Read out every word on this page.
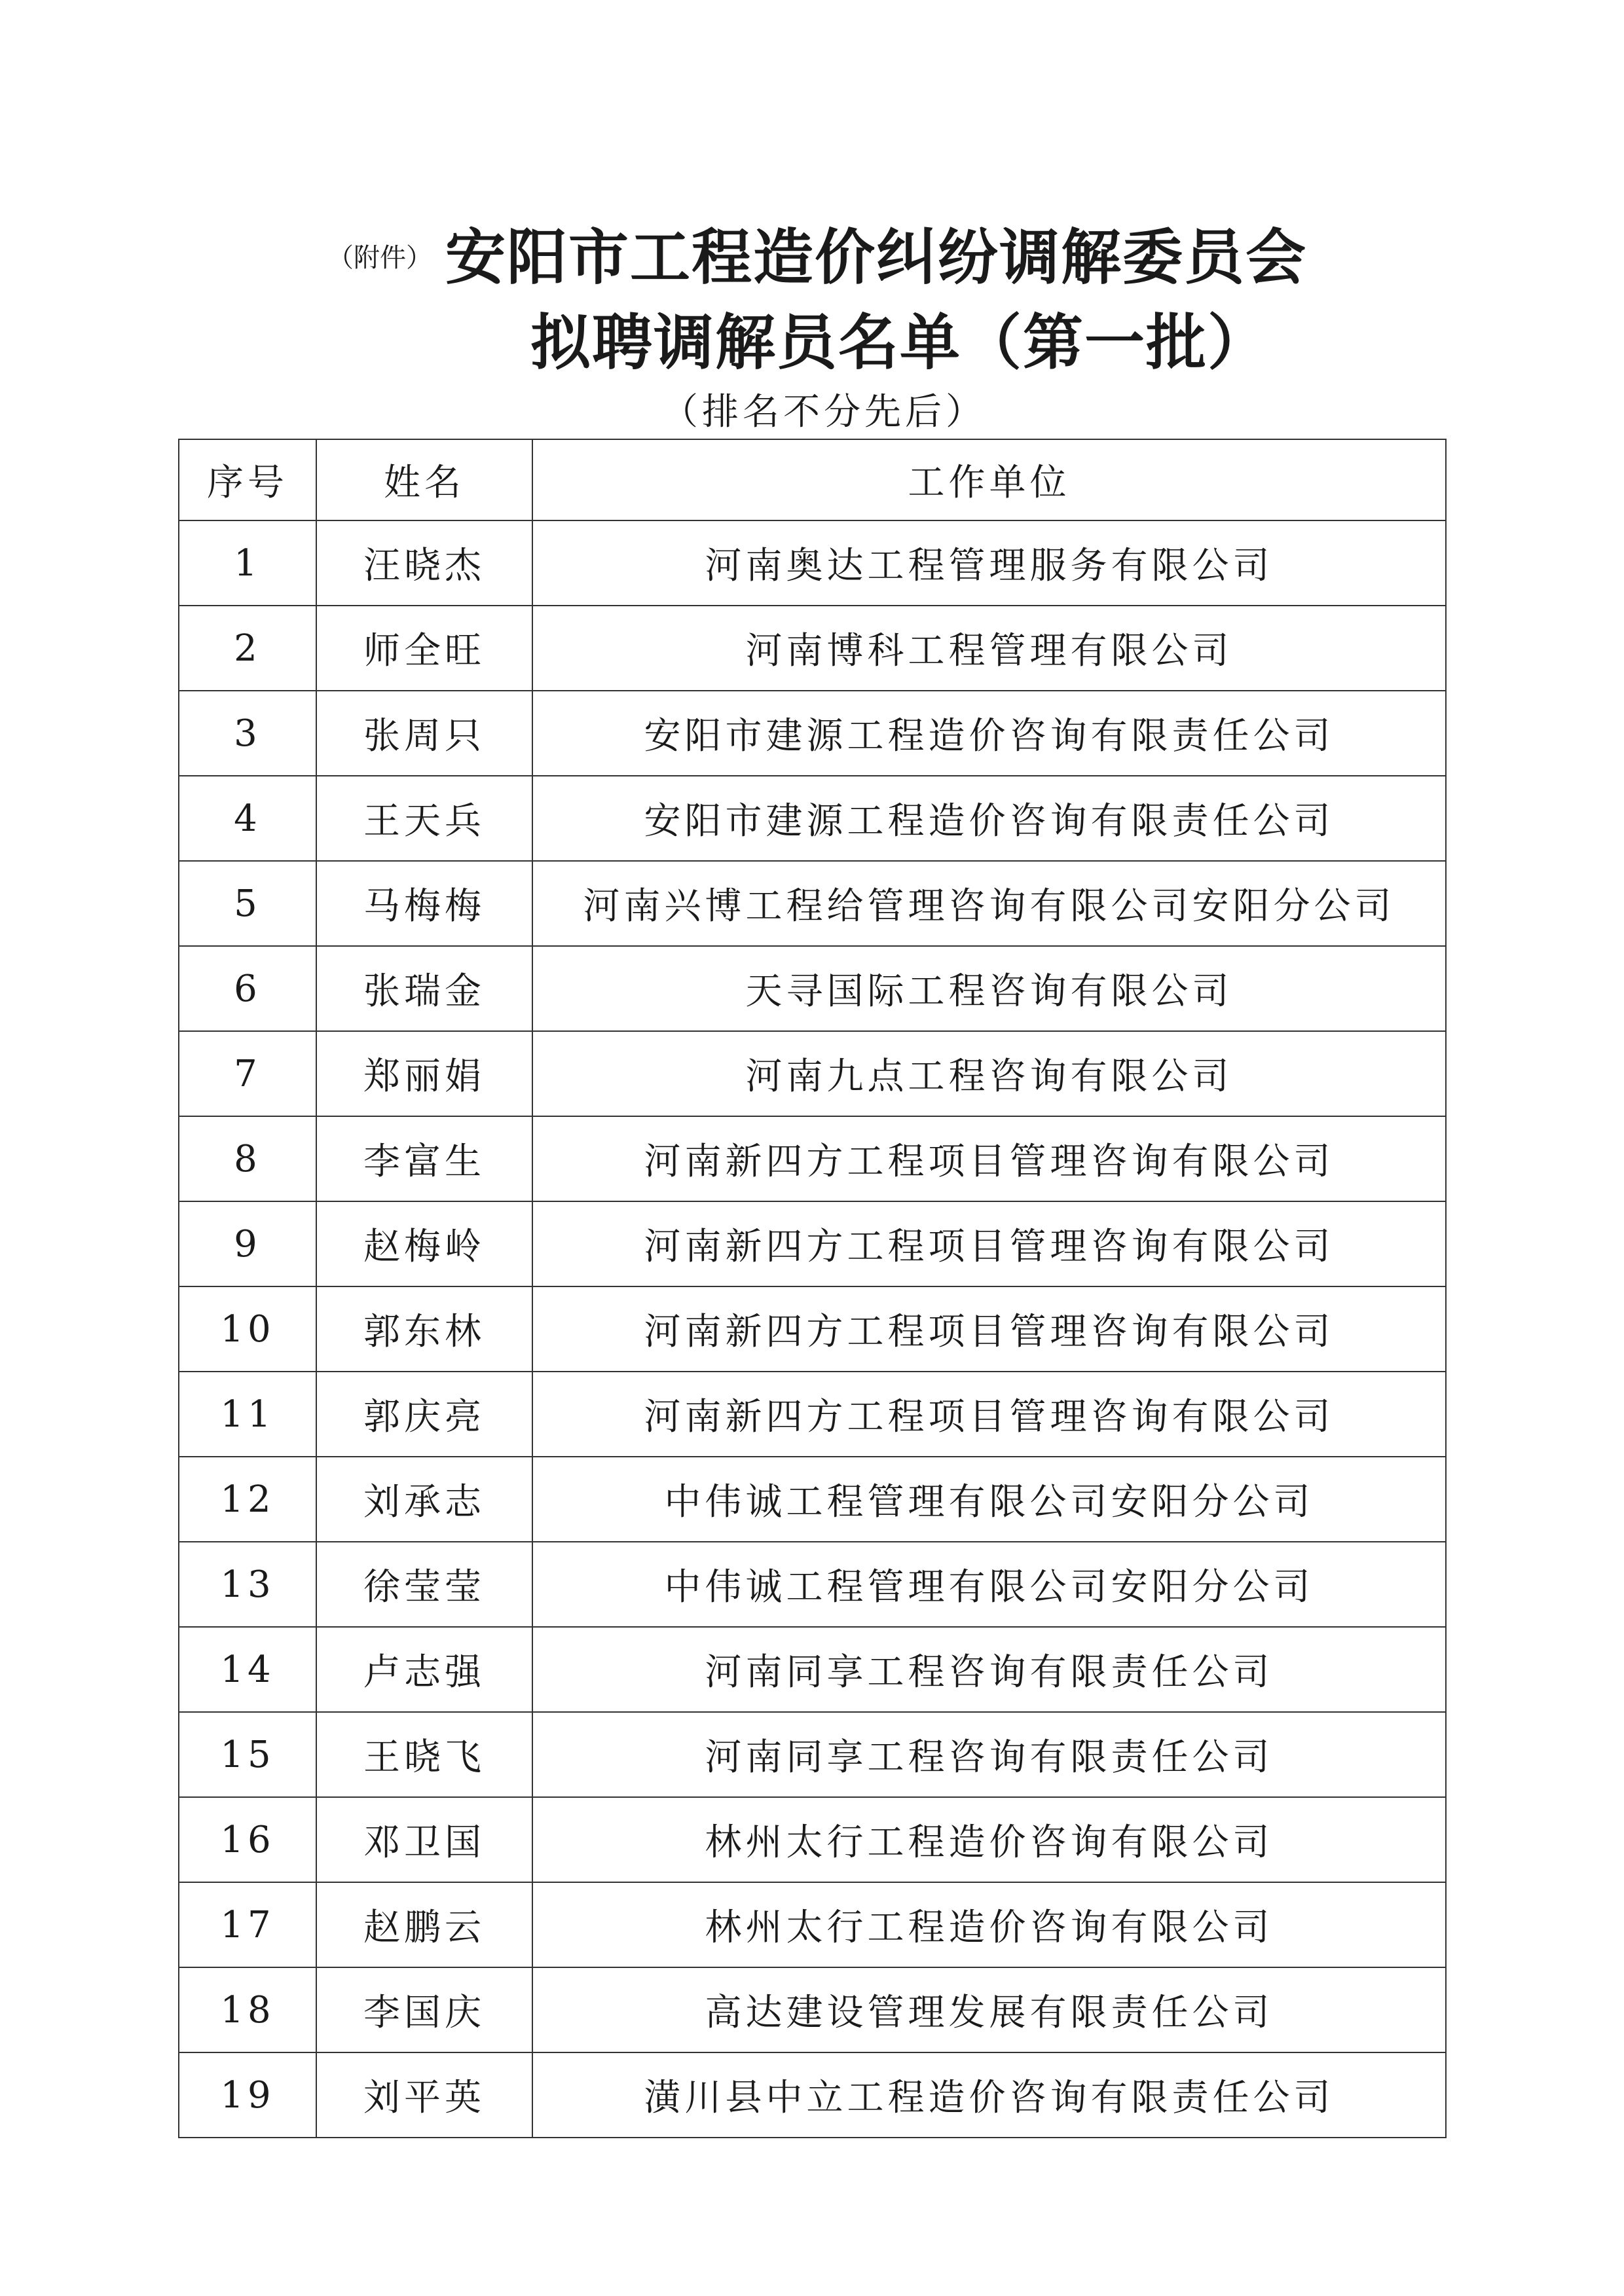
（附件） 安阳市工程造价纠纷调解委员会
拟聘调解员名单（第一批）
（排名不分先后）
序号	姓名	工作单位
1	汪晓杰	河南奥达工程管理服务有限公司
2	师全旺	河南博科工程管理有限公司
3	张周只	安阳市建源工程造价咨询有限责任公司
4	王天兵	安阳市建源工程造价咨询有限责任公司
5	马梅梅	河南兴博工程给管理咨询有限公司安阳分公司
6	张瑞金	天寻国际工程咨询有限公司
7	郑丽娟	河南九点工程咨询有限公司
8	李富生	河南新四方工程项目管理咨询有限公司
9	赵梅岭	河南新四方工程项目管理咨询有限公司
10	郭东林	河南新四方工程项目管理咨询有限公司
11	郭庆亮	河南新四方工程项目管理咨询有限公司
12	刘承志	中伟诚工程管理有限公司安阳分公司
13	徐莹莹	中伟诚工程管理有限公司安阳分公司
14	卢志强	河南同享工程咨询有限责任公司
15	王晓飞	河南同享工程咨询有限责任公司
16	邓卫国	林州太行工程造价咨询有限公司
17	赵鹏云	林州太行工程造价咨询有限公司
18	李国庆	高达建设管理发展有限责任公司
19	刘平英	潢川县中立工程造价咨询有限责任公司
